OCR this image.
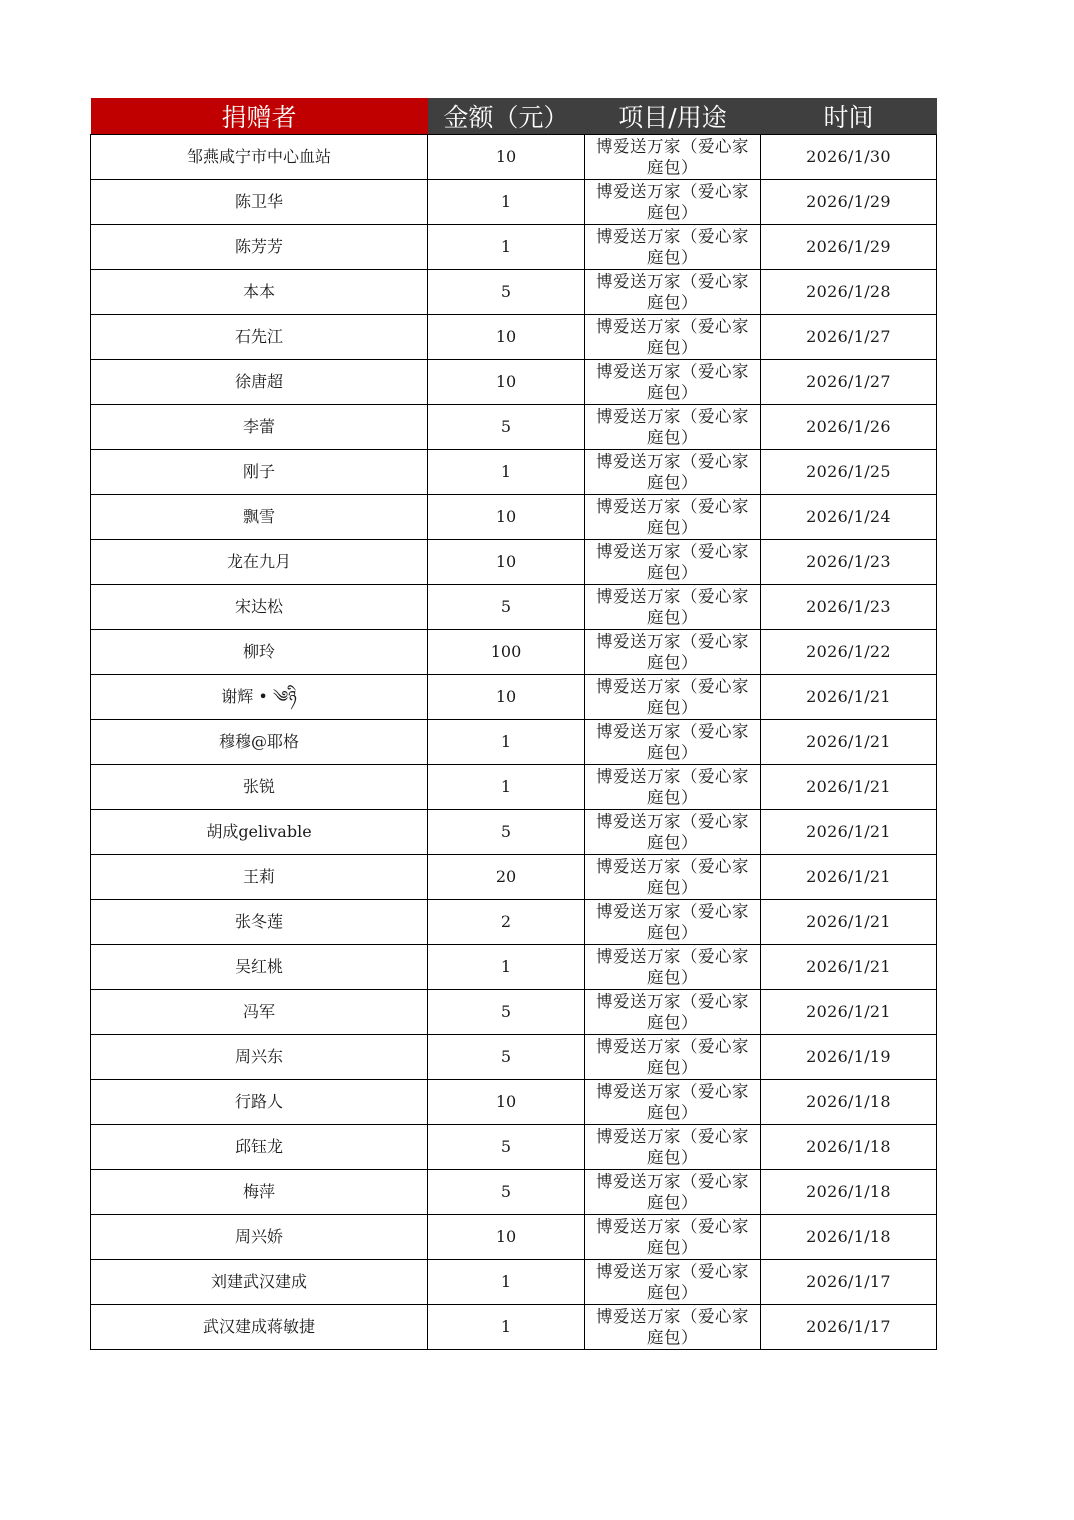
捐赠者	金额（元）	项目/用途	时间
邹燕咸宁市中心血站	10	博爱送万家（爱心家庭包）	2026/1/30
陈卫华	1	博爱送万家（爱心家庭包）	2026/1/29
陈芳芳	1	博爱送万家（爱心家庭包）	2026/1/29
本本	5	博爱送万家（爱心家庭包）	2026/1/28
石先江	10	博爱送万家（爱心家庭包）	2026/1/27
徐唐超	10	博爱送万家（爱心家庭包）	2026/1/27
李蕾	5	博爱送万家（爱心家庭包）	2026/1/26
刚子	1	博爱送万家（爱心家庭包）	2026/1/25
飘雪	10	博爱送万家（爱心家庭包）	2026/1/24
龙在九月	10	博爱送万家（爱心家庭包）	2026/1/23
宋达松	5	博爱送万家（爱心家庭包）	2026/1/23
柳玲	100	博爱送万家（爱心家庭包）	2026/1/22
谢辉 • ༄ཉི	10	博爱送万家（爱心家庭包）	2026/1/21
穆穆@耶格	1	博爱送万家（爱心家庭包）	2026/1/21
张锐	1	博爱送万家（爱心家庭包）	2026/1/21
胡成gelivable	5	博爱送万家（爱心家庭包）	2026/1/21
王莉	20	博爱送万家（爱心家庭包）	2026/1/21
张冬莲	2	博爱送万家（爱心家庭包）	2026/1/21
吴红桃	1	博爱送万家（爱心家庭包）	2026/1/21
冯军	5	博爱送万家（爱心家庭包）	2026/1/21
周兴东	5	博爱送万家（爱心家庭包）	2026/1/19
行路人	10	博爱送万家（爱心家庭包）	2026/1/18
邱钰龙	5	博爱送万家（爱心家庭包）	2026/1/18
梅萍	5	博爱送万家（爱心家庭包）	2026/1/18
周兴娇	10	博爱送万家（爱心家庭包）	2026/1/18
刘建武汉建成	1	博爱送万家（爱心家庭包）	2026/1/17
武汉建成蒋敏捷	1	博爱送万家（爱心家庭包）	2026/1/17
